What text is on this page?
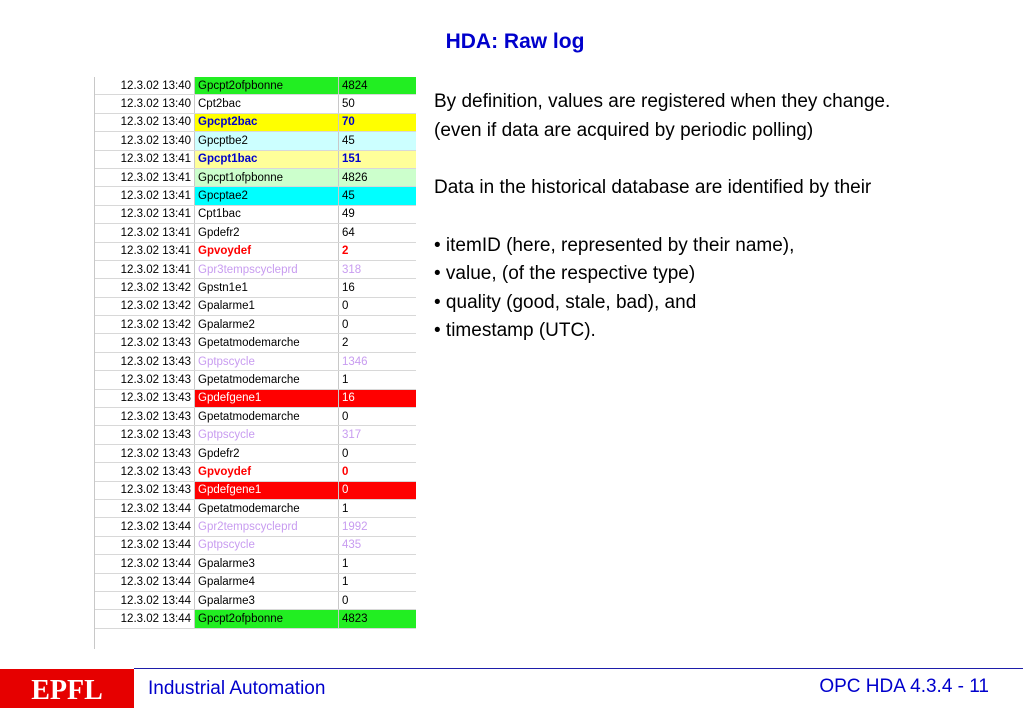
HDA: Raw log
12.3.02 13:40	Gpcpt2ofpbonne	4824
12.3.02 13:40	Cpt2bac	50
12.3.02 13:40	Gpcpt2bac	70
12.3.02 13:40	Gpcptbe2	45
12.3.02 13:41	Gpcpt1bac	151
12.3.02 13:41	Gpcpt1ofpbonne	4826
12.3.02 13:41	Gpcptae2	45
12.3.02 13:41	Cpt1bac	49
12.3.02 13:41	Gpdefr2	64
12.3.02 13:41	Gpvoydef	2
12.3.02 13:41	Gpr3tempscycleprd	318
12.3.02 13:42	Gpstn1e1	16
12.3.02 13:42	Gpalarme1	0
12.3.02 13:42	Gpalarme2	0
12.3.02 13:43	Gpetatmodemarche	2
12.3.02 13:43	Gptpscycle	1346
12.3.02 13:43	Gpetatmodemarche	1
12.3.02 13:43	Gpdefgene1	16
12.3.02 13:43	Gpetatmodemarche	0
12.3.02 13:43	Gptpscycle	317
12.3.02 13:43	Gpdefr2	0
12.3.02 13:43	Gpvoydef	0
12.3.02 13:43	Gpdefgene1	0
12.3.02 13:44	Gpetatmodemarche	1
12.3.02 13:44	Gpr2tempscycleprd	1992
12.3.02 13:44	Gptpscycle	435
12.3.02 13:44	Gpalarme3	1
12.3.02 13:44	Gpalarme4	1
12.3.02 13:44	Gpalarme3	0
12.3.02 13:44	Gpcpt2ofpbonne	4823

By definition, values are registered when they change.

(even if data are acquired by periodic polling)

Data in the historical database are identified by their

• itemID (here, represented by their name),

• value, (of the respective type)

• quality (good, stale, bad), and

• timestamp (UTC).

EPFL Industrial Automation	OPC HDA 4.3.4 - 11
